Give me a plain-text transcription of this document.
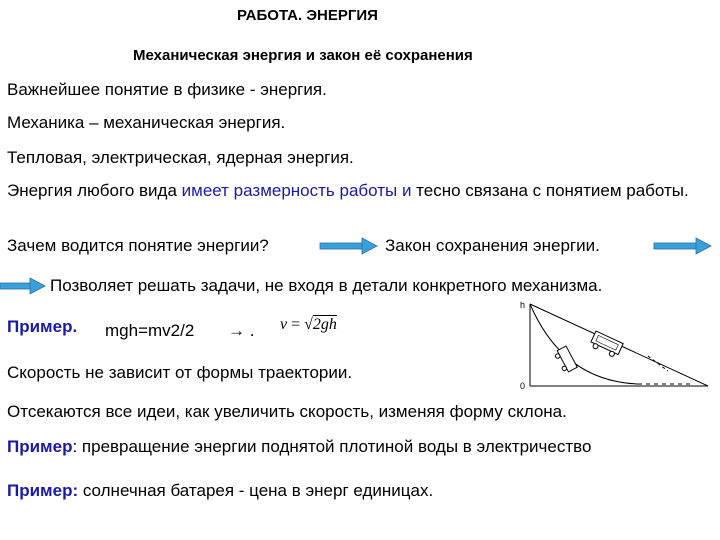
РАБОТА. ЭНЕРГИЯ
Механическая энергия и закон её сохранения
Важнейшее понятие в физике - энергия.
Механика – механическая энергия.
Тепловая, электрическая, ядерная энергия.
Энергия любого вида имеет размерность работы и тесно связана с понятием работы.
Зачем водится понятие энергии?	Закон сохранения энергии.
Позволяет решать задачи, не входя в детали конкретного механизма.
Пример. mgh=mv2/2 → . v = √2gh
Скорость не зависит от формы траектории.
Отсекаются все идеи, как увеличить скорость, изменяя форму склона.
Пример: превращение энергии поднятой плотиной воды в электричество
Пример: солнечная батарея - цена в энерг единицах.
h
0
